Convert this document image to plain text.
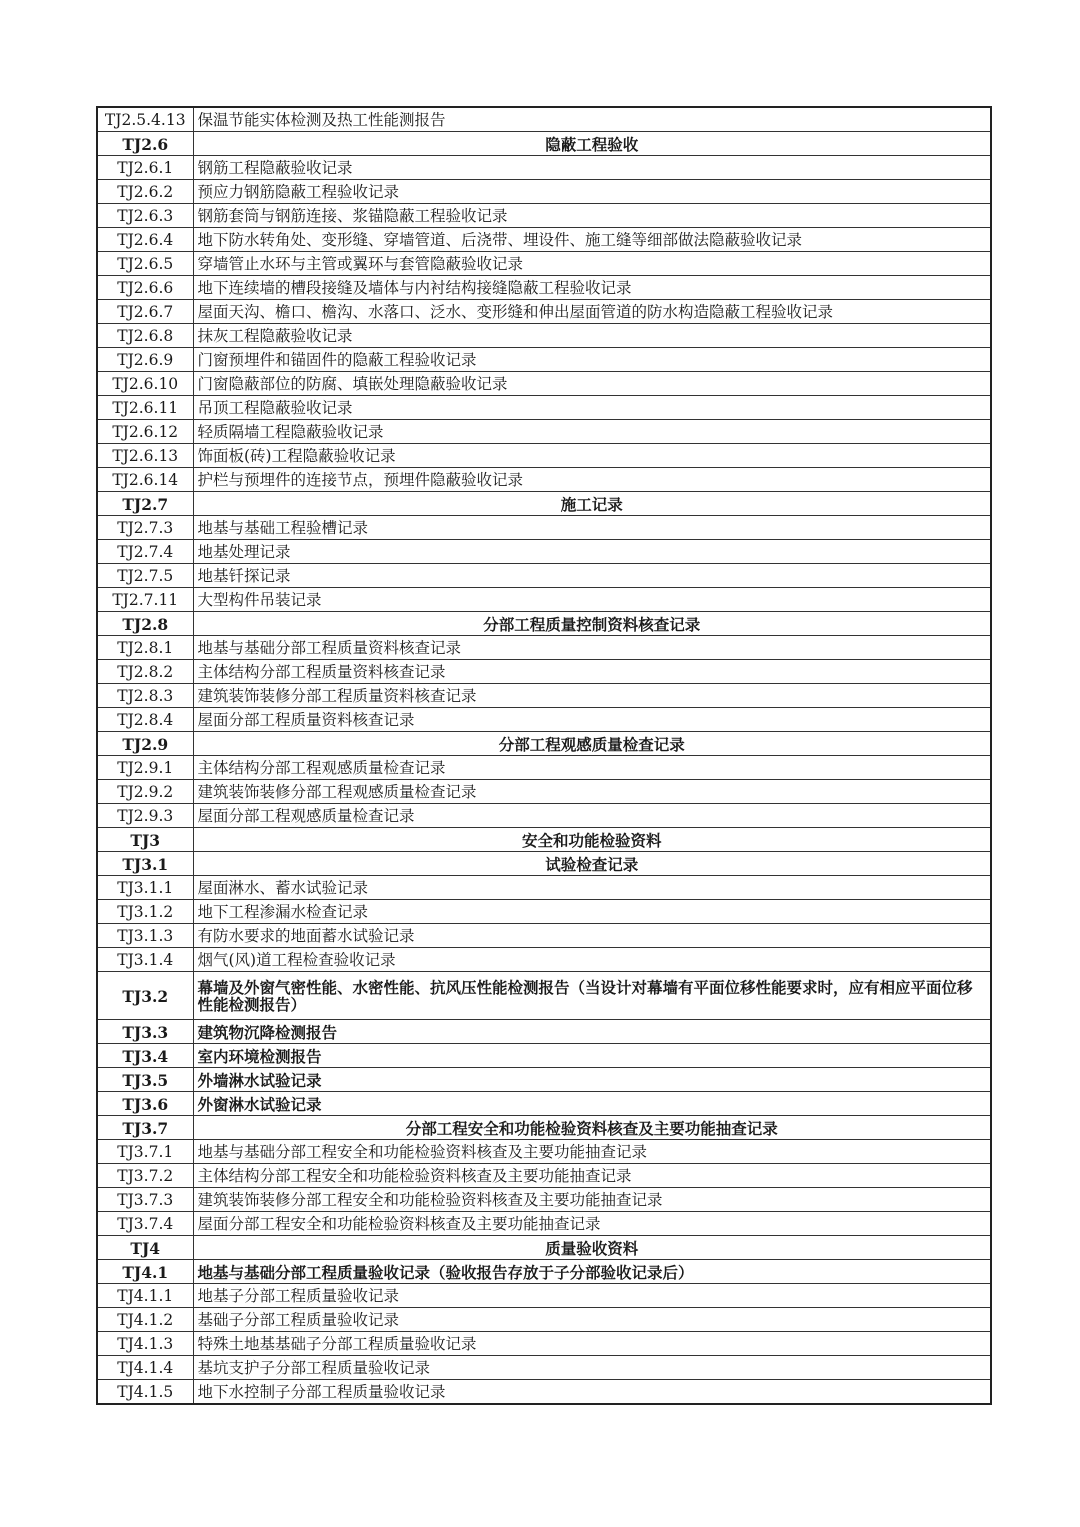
TJ2.5.4.13	保温节能实体检测及热工性能测报告
TJ2.6	隐蔽工程验收
TJ2.6.1	钢筋工程隐蔽验收记录
TJ2.6.2	预应力钢筋隐蔽工程验收记录
TJ2.6.3	钢筋套筒与钢筋连接、浆锚隐蔽工程验收记录
TJ2.6.4	地下防水转角处、变形缝、穿墙管道、后浇带、埋设件、施工缝等细部做法隐蔽验收记录
TJ2.6.5	穿墙管止水环与主管或翼环与套管隐蔽验收记录
TJ2.6.6	地下连续墙的槽段接缝及墙体与内衬结构接缝隐蔽工程验收记录
TJ2.6.7	屋面天沟、檐口、檐沟、水落口、泛水、变形缝和伸出屋面管道的防水构造隐蔽工程验收记录
TJ2.6.8	抹灰工程隐蔽验收记录
TJ2.6.9	门窗预埋件和锚固件的隐蔽工程验收记录
TJ2.6.10	门窗隐蔽部位的防腐、填嵌处理隐蔽验收记录
TJ2.6.11	吊顶工程隐蔽验收记录
TJ2.6.12	轻质隔墙工程隐蔽验收记录
TJ2.6.13	饰面板(砖)工程隐蔽验收记录
TJ2.6.14	护栏与预埋件的连接节点，预埋件隐蔽验收记录
TJ2.7	施工记录
TJ2.7.3	地基与基础工程验槽记录
TJ2.7.4	地基处理记录
TJ2.7.5	地基钎探记录
TJ2.7.11	大型构件吊装记录
TJ2.8	分部工程质量控制资料核查记录
TJ2.8.1	地基与基础分部工程质量资料核查记录
TJ2.8.2	主体结构分部工程质量资料核查记录
TJ2.8.3	建筑装饰装修分部工程质量资料核查记录
TJ2.8.4	屋面分部工程质量资料核查记录
TJ2.9	分部工程观感质量检查记录
TJ2.9.1	主体结构分部工程观感质量检查记录
TJ2.9.2	建筑装饰装修分部工程观感质量检查记录
TJ2.9.3	屋面分部工程观感质量检查记录
TJ3	安全和功能检验资料
TJ3.1	试验检查记录
TJ3.1.1	屋面淋水、蓄水试验记录
TJ3.1.2	地下工程渗漏水检查记录
TJ3.1.3	有防水要求的地面蓄水试验记录
TJ3.1.4	烟气(风)道工程检查验收记录
TJ3.2	幕墙及外窗气密性能、水密性能、抗风压性能检测报告（当设计对幕墙有平面位移性能要求时，应有相应平面位移性能检测报告）
TJ3.3	建筑物沉降检测报告
TJ3.4	室内环境检测报告
TJ3.5	外墙淋水试验记录
TJ3.6	外窗淋水试验记录
TJ3.7	分部工程安全和功能检验资料核查及主要功能抽查记录
TJ3.7.1	地基与基础分部工程安全和功能检验资料核查及主要功能抽查记录
TJ3.7.2	主体结构分部工程安全和功能检验资料核查及主要功能抽查记录
TJ3.7.3	建筑装饰装修分部工程安全和功能检验资料核查及主要功能抽查记录
TJ3.7.4	屋面分部工程安全和功能检验资料核查及主要功能抽查记录
TJ4	质量验收资料
TJ4.1	地基与基础分部工程质量验收记录（验收报告存放于子分部验收记录后）
TJ4.1.1	地基子分部工程质量验收记录
TJ4.1.2	基础子分部工程质量验收记录
TJ4.1.3	特殊土地基基础子分部工程质量验收记录
TJ4.1.4	基坑支护子分部工程质量验收记录
TJ4.1.5	地下水控制子分部工程质量验收记录
